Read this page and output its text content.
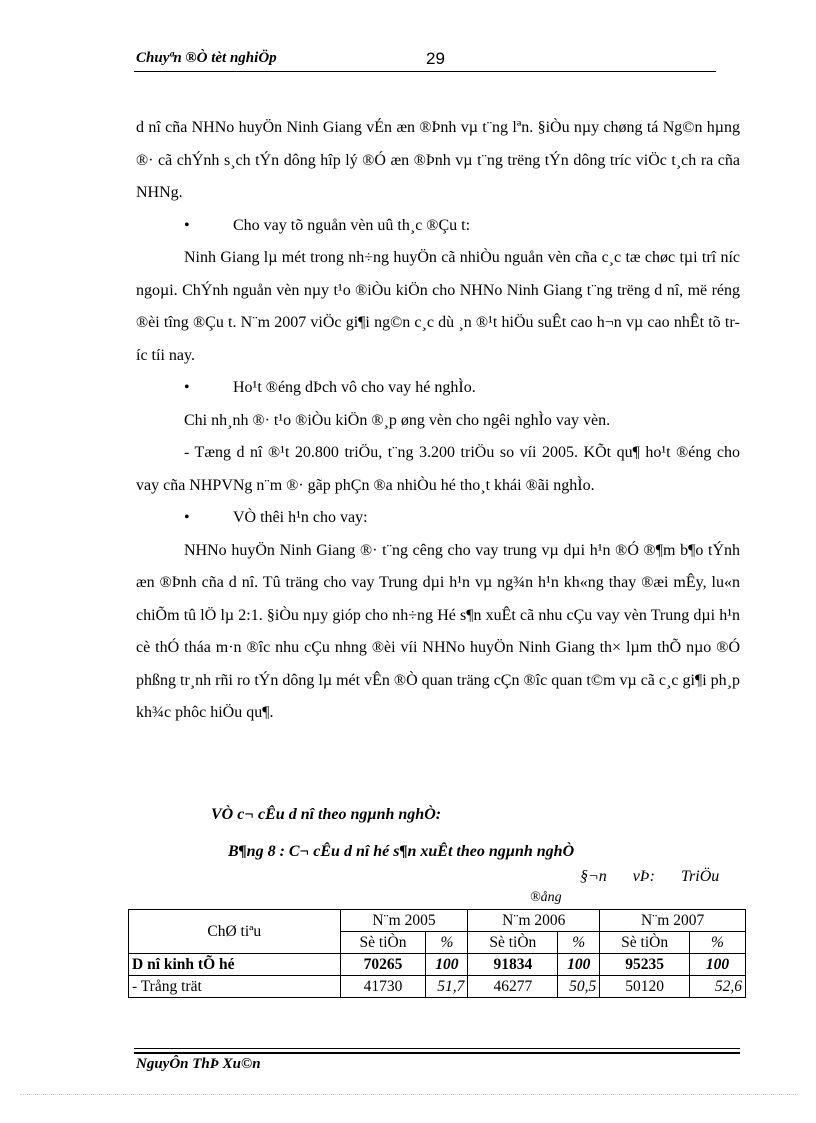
Chuyªn ®Ò tèt nghiÖp	29

d nî cña NHNo huyÖn Ninh Giang vÉn æn ®Þnh vµ t¨ng lªn. §iÒu nµy chøng tá Ng©n hµng ®· cã chÝnh s¸ch tÝn dông hîp lý ®Ó æn ®Þnh vµ t¨ng trëng tÝn dông tríc viÖc t¸ch ra cña NHNg.

•	Cho vay tõ nguån vèn uû th¸c ®Çu t:

Ninh Giang lµ mét trong nh÷ng huyÖn cã nhiÒu nguån vèn cña c¸c tæ chøc tµi trî níc ngoµi. ChÝnh nguån vèn nµy t¹o ®iÒu kiÖn cho NHNo Ninh Giang t¨ng trëng d nî, më réng ®èi tîng ®Çu t. N¨m 2007 viÖc gi¶i ng©n c¸c dù ¸n ®¹t hiÖu suÊt cao h¬n vµ cao nhÊt tõ tríc tíi nay.

•	Ho¹t ®éng dÞch vô cho vay hé nghÌo.

Chi nh¸nh ®· t¹o ®iÒu kiÖn ®¸p øng vèn cho ngêi nghÌo vay vèn.

- Tæng d nî ®¹t 20.800 triÖu, t¨ng 3.200 triÖu so víi 2005. KÕt qu¶ ho¹t ®éng cho vay cña NHPVNg n¨m ®· gãp phÇn ®a nhiÒu hé tho¸t khái ®ãi nghÌo.

•	VÒ thêi h¹n cho vay:

NHNo huyÖn Ninh Giang ®· t¨ng cêng cho vay trung vµ dµi h¹n ®Ó ®¶m b¶o tÝnh æn ®Þnh cña d nî. Tû träng cho vay Trung dµi h¹n vµ ng¾n h¹n kh«ng thay ®æi mÊy, lu«n chiÕm tû lÖ lµ 2:1. §iÒu nµy gióp cho nh÷ng Hé s¶n xuÊt cã nhu cÇu vay vèn Trung dµi h¹n cè thÓ tháa m·n ®îc nhu cÇu nhng ®èi víi NHNo huyÖn Ninh Giang th× lµm thÕ nµo ®Ó phßng tr¸nh rñi ro tÝn dông lµ mét vÊn ®Ò quan träng cÇn ®îc quan t©m vµ cã c¸c gi¶i ph¸p kh¾c phôc hiÖu qu¶.

VÒ c¬ cÊu d nî theo ngµnh nghÒ:
B¶ng 8 : C¬ cÊu d nî hé s¶n xuÊt theo ngµnh nghÒ
§¬n vÞ: TriÖu
®ång
ChØ tiªu	N¨m 2005		N¨m 2006		N¨m 2007	
	Sè tiÒn	%	Sè tiÒn	%	Sè tiÒn	%
D nî kinh tÕ hé	70265	100	91834	100	95235	100
- Trång trät	41730	51,7	46277	50,5	50120	52,6
NguyÔn ThÞ Xu©n
